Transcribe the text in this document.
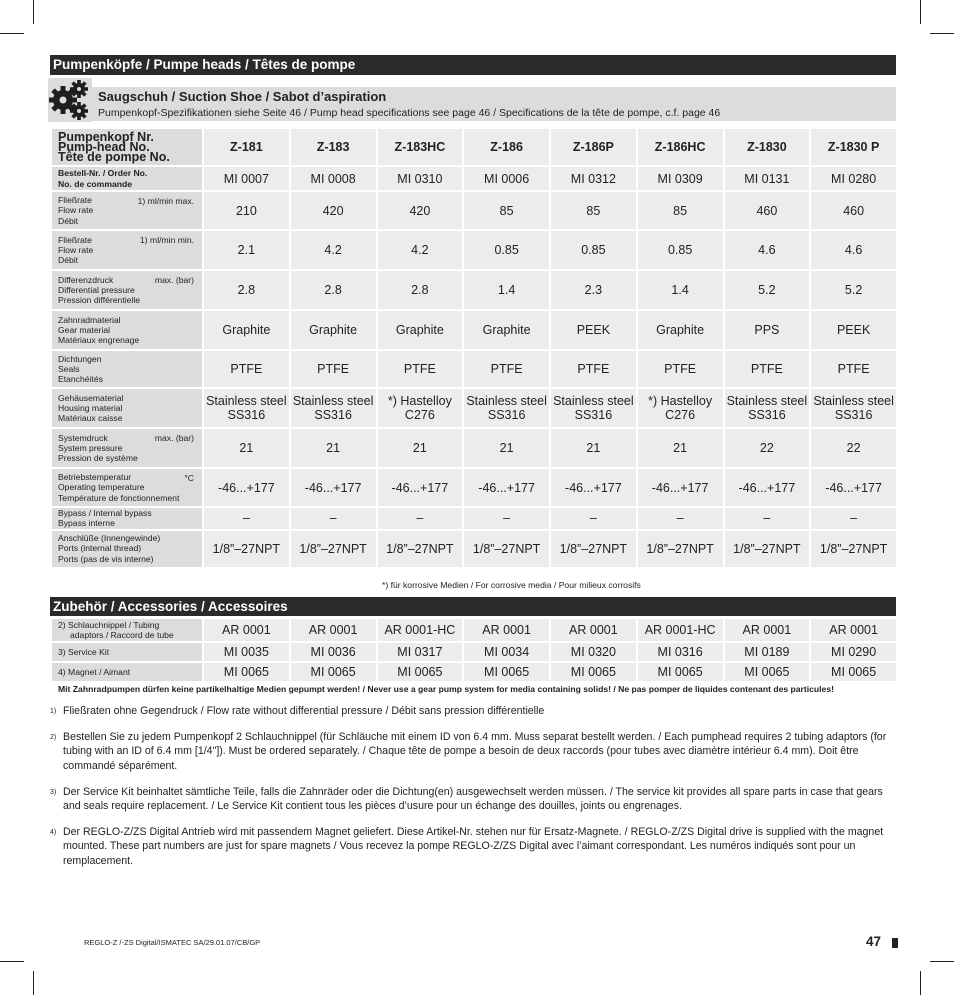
Pumpenköpfe / Pumpe heads / Têtes de pompe
Saugschuh / Suction Shoe / Sabot d’aspiration
Pumpenkopf-Spezifikationen siehe Seite 46 / Pump head specifications see page 46 / Specifications de la tête de pompe, c.f. page 46
Pumpenkopf Nr.
Pump-head No.
Tête de pompe No.	Z-181	Z-183	Z-183HC	Z-186	Z-186P	Z-186HC	Z-1830	Z-1830 P

Bestell-Nr. / Order No.
No. de commande	MI 0007	MI 0008	MI 0310	MI 0006	MI 0312	MI 0309	MI 0131	MI 0280

Fließrate
Flow rate
Débit
1) ml/min max.	210	420	420	85	85	85	460	460

Fließrate
Flow rate
Débit
1) ml/min min.	2.1	4.2	4.2	0.85	0.85	0.85	4.6	4.6

Differenzdruck
Differential pressure
Pression différentielle
max. (bar)	2.8	2.8	2.8	1.4	2.3	1.4	5.2	5.2

Zahnradmaterial
Gear material
Matériaux engrenage	Graphite	Graphite	Graphite	Graphite	PEEK	Graphite	PPS	PEEK

Dichtungen
Seals
Etanchéités	PTFE	PTFE	PTFE	PTFE	PTFE	PTFE	PTFE	PTFE

Gehäusematerial
Housing material
Matériaux caisse	Stainless steel SS316	Stainless steel SS316	*) Hastelloy C276	Stainless steel SS316	Stainless steel SS316	*) Hastelloy C276	Stainless steel SS316	Stainless steel SS316

Systemdruck
System pressure
Pression de système
max. (bar)	21	21	21	21	21	21	22	22

Betriebstemperatur
Operating temperature
Température de fonctionnement
°C	-46...+177	-46...+177	-46...+177	-46...+177	-46...+177	-46...+177	-46...+177	-46...+177

Bypass / Internal bypass
Bypass interne	–	–	–	–	–	–	–	–

Anschlüße (Innengewinde)
Ports (internal thread)
Ports (pas de vis interne)	1/8”–27NPT	1/8”–27NPT	1/8”–27NPT	1/8”–27NPT	1/8”–27NPT	1/8”–27NPT	1/8”–27NPT	1/8”–27NPT
*) für korrosive Medien / For corrosive media / Pour milieux corrosifs
Zubehör / Accessories / Accessoires
2) Schlauchnippel / Tubing
adaptors / Raccord de tube	AR 0001	AR 0001	AR 0001-HC	AR 0001	AR 0001	AR 0001-HC	AR 0001	AR 0001

3) Service Kit	MI 0035	MI 0036	MI 0317	MI 0034	MI 0320	MI 0316	MI 0189	MI 0290

4) Magnet / Aimant	MI 0065	MI 0065	MI 0065	MI 0065	MI 0065	MI 0065	MI 0065	MI 0065
Mit Zahnradpumpen dürfen keine partikelhaltige Medien gepumpt werden! / Never use a gear pump system for media containing solids! / Ne pas pomper de liquides contenant des particules!
1) Fließraten ohne Gegendruck / Flow rate without differential pressure / Débit sans pression différentielle
2) Bestellen Sie zu jedem Pumpenkopf 2 Schlauchnippel (für Schläuche mit einem ID von 6.4 mm. Muss separat bestellt werden. / Each pumphead requires 2 tubing adaptors (for tubing with an ID of 6.4 mm [1/4"]). Must be ordered separately. / Chaque tête de pompe a besoin de deux raccords (pour tubes avec diamètre intérieur 6.4 mm). Doit être commandé séparément.
3) Der Service Kit beinhaltet sämtliche Teile, falls die Zahnräder oder die Dichtung(en) ausgewechselt werden müssen. / The service kit provides all spare parts in case that gears and seals require replacement. / Le Service Kit contient tous les pièces d’usure pour un échange des douilles, joints ou engrenages.
4) Der REGLO-Z/ZS Digital Antrieb wird mit passendem Magnet geliefert. Diese Artikel-Nr. stehen nur für Ersatz-Magnete. / REGLO-Z/ZS Digital drive is supplied with the magnet mounted. These part numbers are just for spare magnets / Vous recevez la pompe REGLO-Z/ZS Digital avec l’aimant correspondant. Les numéros indiqués sont pour un remplacement.
REGLO-Z /-ZS Digital/ISMATEC SA/29.01.07/CB/GP	47
